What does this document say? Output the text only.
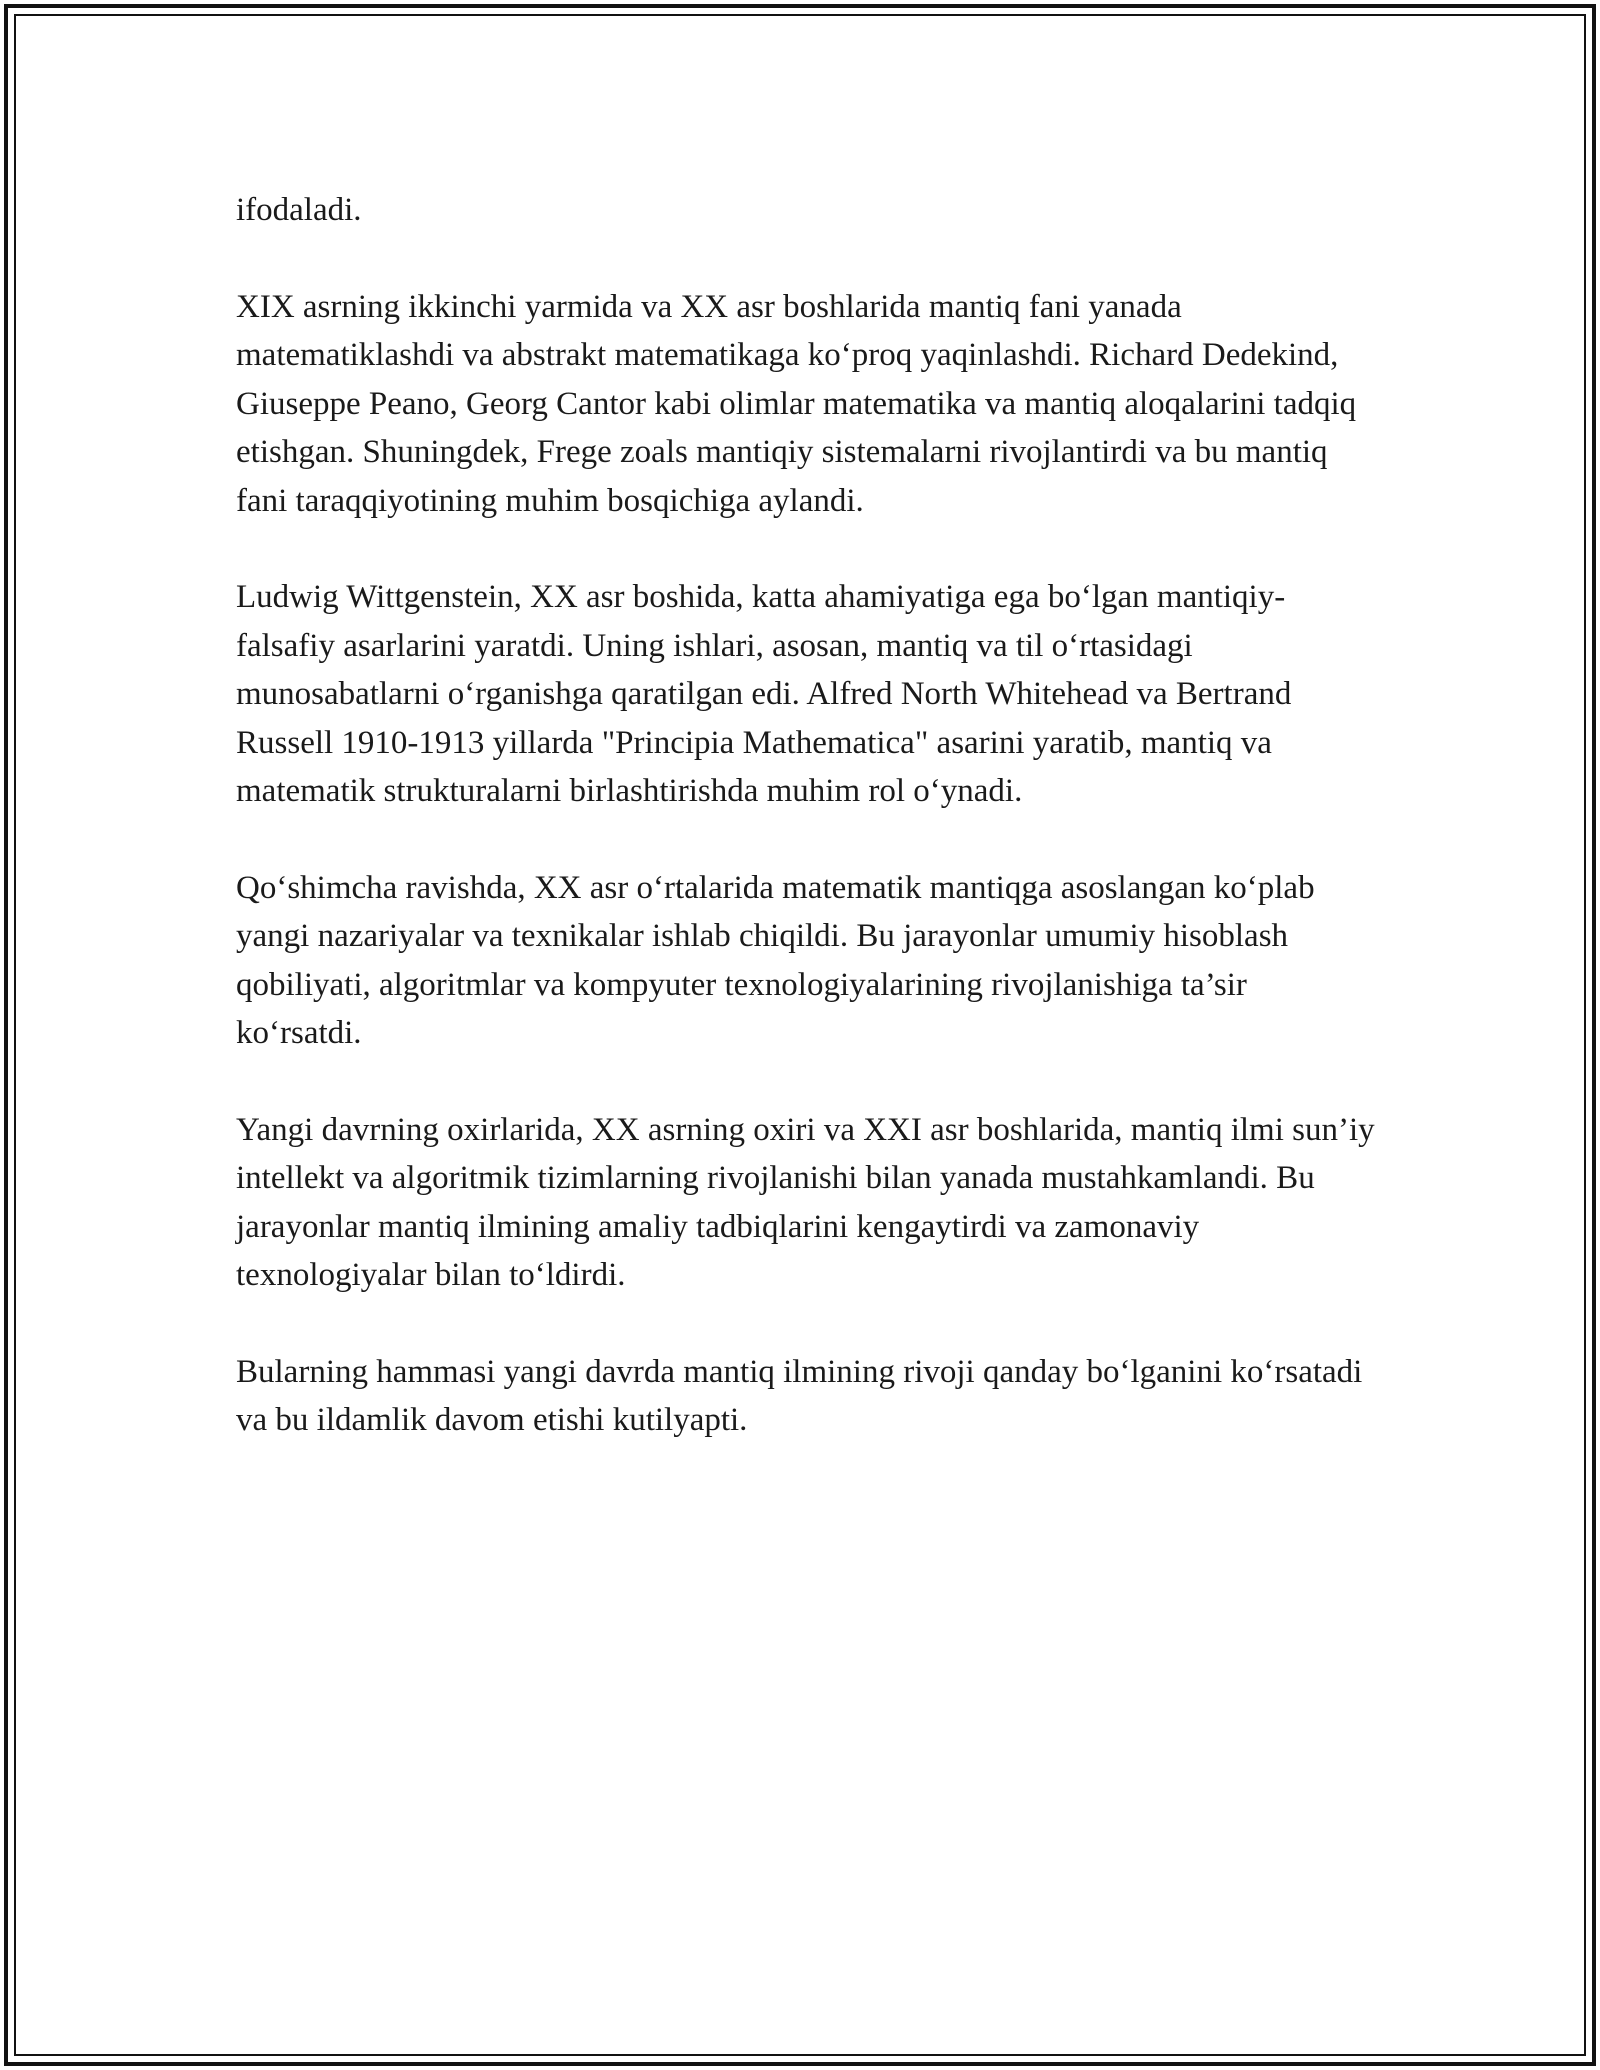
ifodaladi.

XIX asrning ikkinchi yarmida va XX asr boshlarida mantiq fani yanada matematiklashdi va abstrakt matematikaga koʻproq yaqinlashdi. Richard Dedekind, Giuseppe Peano, Georg Cantor kabi olimlar matematika va mantiq aloqalarini tadqiq etishgan. Shuningdek, Frege zoals mantiqiy sistemalarni rivojlantirdi va bu mantiq fani taraqqiyotining muhim bosqichiga aylandi.

Ludwig Wittgenstein, XX asr boshida, katta ahamiyatiga ega boʻlgan mantiqiy-falsafiy asarlarini yaratdi. Uning ishlari, asosan, mantiq va til oʻrtasidagi munosabatlarni oʻrganishga qaratilgan edi. Alfred North Whitehead va Bertrand Russell 1910-1913 yillarda "Principia Mathematica" asarini yaratib, mantiq va matematik strukturalarni birlashtirishda muhim rol oʻynadi.

Qoʻshimcha ravishda, XX asr oʻrtalarida matematik mantiqga asoslangan koʻplab yangi nazariyalar va texnikalar ishlab chiqildi. Bu jarayonlar umumiy hisoblash qobiliyati, algoritmlar va kompyuter texnologiyalarining rivojlanishiga ta’sir koʻrsatdi.

Yangi davrning oxirlarida, XX asrning oxiri va XXI asr boshlarida, mantiq ilmi sun’iy intellekt va algoritmik tizimlarning rivojlanishi bilan yanada mustahkamlandi. Bu jarayonlar mantiq ilmining amaliy tadbiqlarini kengaytirdi va zamonaviy texnologiyalar bilan toʻldirdi.

Bularning hammasi yangi davrda mantiq ilmining rivoji qanday boʻlganini koʻrsatadi va bu ildamlik davom etishi kutilyapti.
